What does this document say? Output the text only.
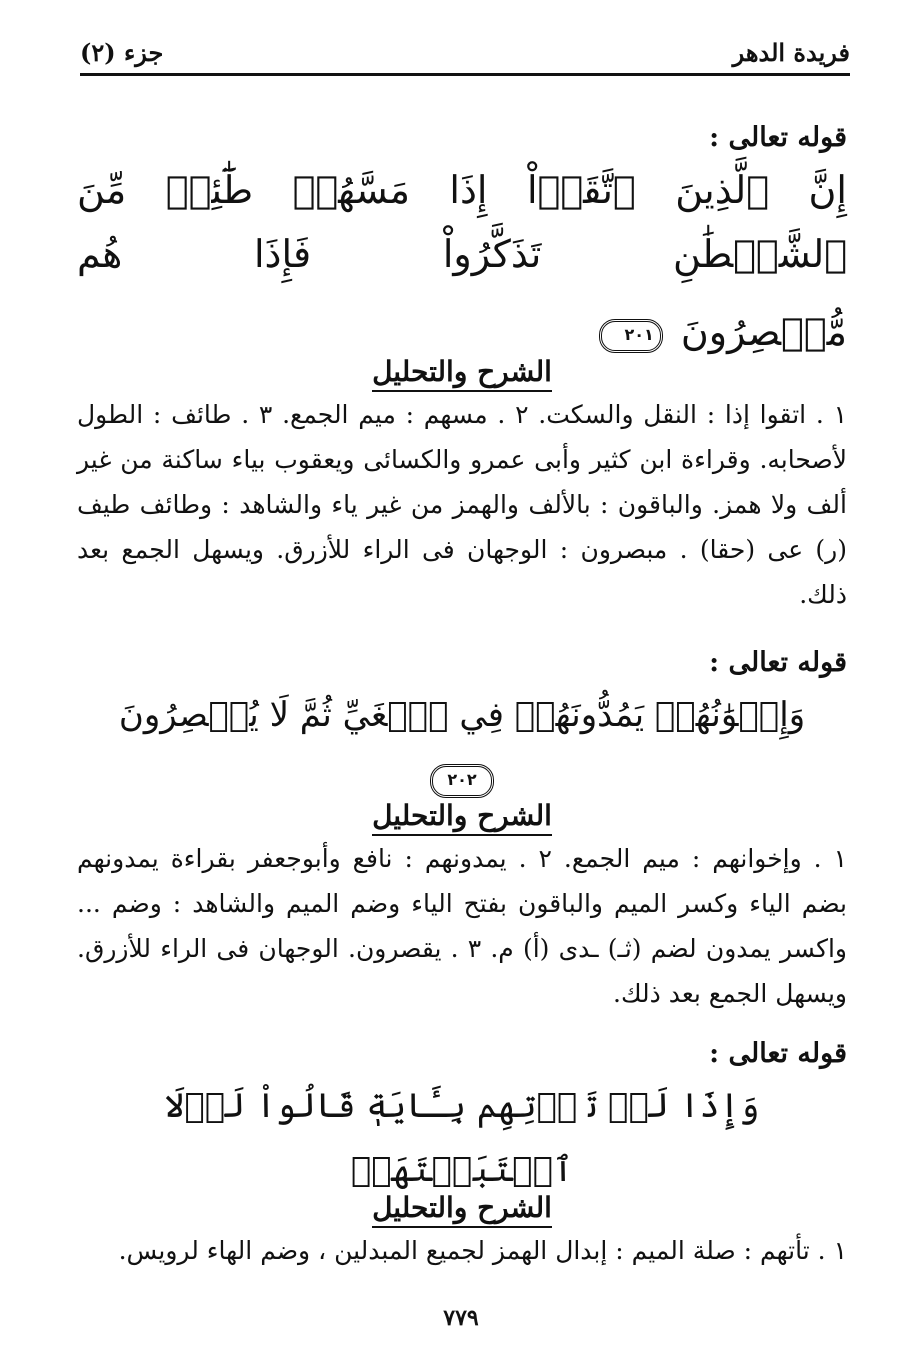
فريدة الدهر
جزء (٢)
قوله تعالى :
إِنَّ ٱلَّذِينَ ٱتَّقَوۡاْ إِذَا مَسَّهُمۡ طَٰٓئِفٞ مِّنَ ٱلشَّيۡطَٰنِ تَذَكَّرُواْ فَإِذَا هُم
مُّبۡصِرُونَ ٢٠١
الشرح والتحليل
١ . اتقوا إذا : النقل والسكت. ٢ . مسهم : ميم الجمع. ٣ . طائف : الطول لأصحابه. وقراءة ابن كثير وأبى عمرو والكسائى ويعقوب بياء ساكنة من غير ألف ولا همز. والباقون : بالألف والهمز من غير ياء والشاهد : وطائف طيف (ر) عى (حقا) . مبصرون : الوجهان فى الراء للأزرق. ويسهل الجمع بعد ذلك.
قوله تعالى :
وَإِخۡوَٰنُهُمۡ يَمُدُّونَهُمۡ فِي ٱلۡغَيِّ ثُمَّ لَا يُقۡصِرُونَ ٢٠٢
الشرح والتحليل
١ . وإخوانهم : ميم الجمع. ٢ . يمدونهم : نافع وأبوجعفر بقراءة يمدونهم بضم الياء وكسر الميم والباقون بفتح الياء وضم الميم والشاهد : وضم ... واكسر يمدون لضم (ثـ) ـدى (أ) م. ٣ . يقصرون. الوجهان فى الراء للأزرق. ويسهل الجمع بعد ذلك.
قوله تعالى :
وَإِذَا لَمۡ تَأۡتِهِم بِـَٔايَةٖ قَالُواْ لَوۡلَا ٱجۡتَبَيۡتَهَاۚ
الشرح والتحليل
١ . تأتهم : صلة الميم : إبدال الهمز لجميع المبدلين ، وضم الهاء لرويس.
٧٧٩
